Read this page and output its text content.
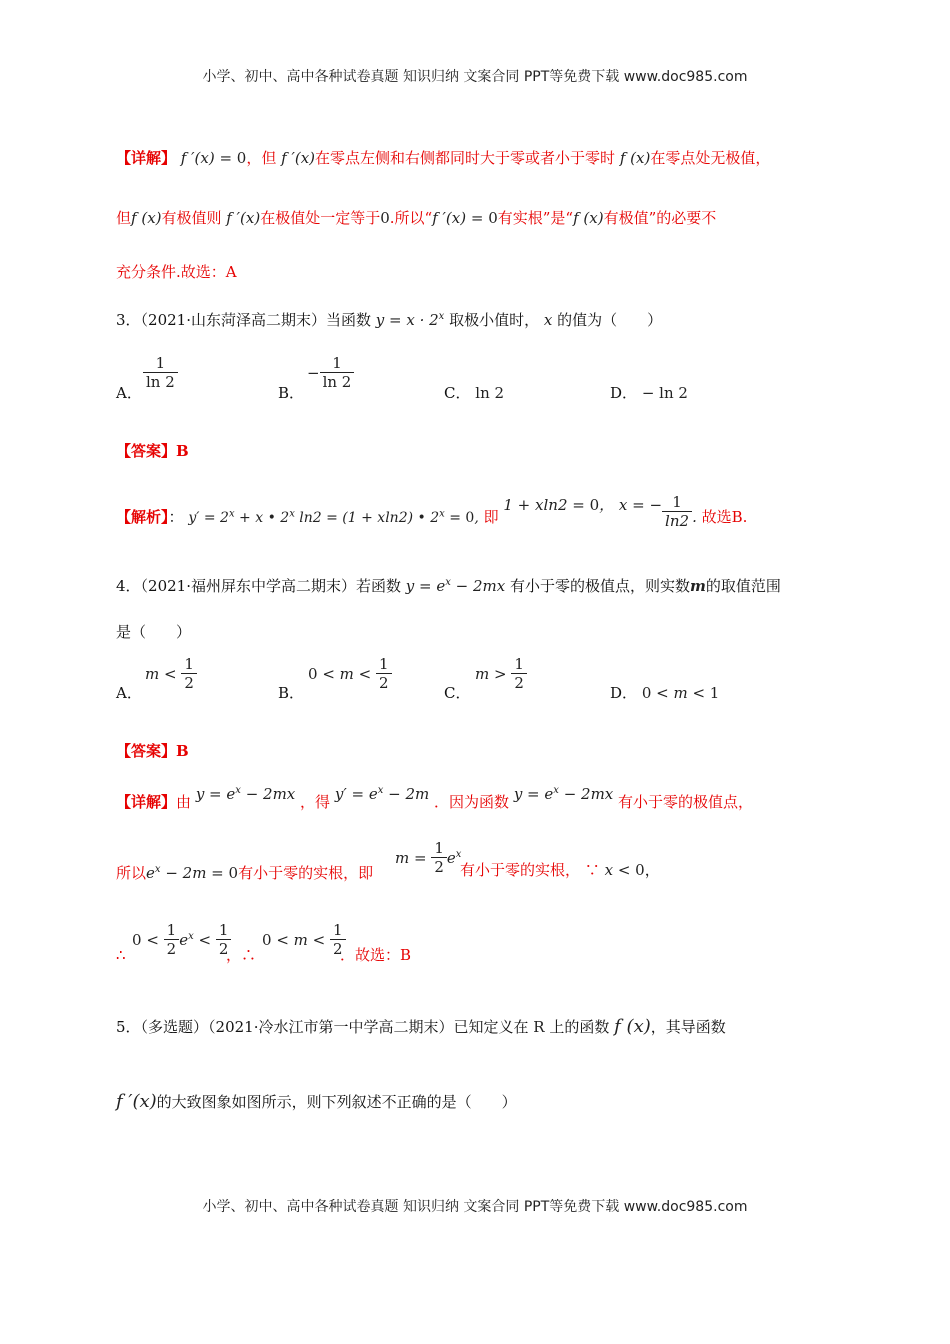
小学、初中、高中各种试卷真题 知识归纳 文案合同 PPT等免费下载 www.doc985.com
【详解】 f ′(x) = 0，但 f ′(x)在零点左侧和右侧都同时大于零或者小于零时 f (x)在零点处无极值，
但f (x)有极值则 f ′(x)在极值处一定等于0.所以“f ′(x) = 0有实根”是“f (x)有极值”的必要不
充分条件.故选：A
3．（2021·山东菏泽高二期末）当函数 $y = x \cdot 2^x$ 取极小值时， x 的值为（　　）
A．
$\frac{1}{\ln 2}$
B．
− $\frac{1}{\ln 2}$
C． ln 2	D． − ln 2
【答案】B
【解析】： $y' = 2^x + x$ • 2$^x$ ln2 = (1 + xln2) • $2^x = 0$, 即 1 + xln2 = 0， x = − $\frac{1}{\ln 2}$ . 故选B.
4．（2021·福州屏东中学高二期末）若函数 $y = e^x - 2mx$ 有小于零的极值点，则实数m的取值范围
是（　　）
A．
$m < \frac{1}{2}$
B．
$0 < m < \frac{1}{2}$
C．
$m > \frac{1}{2}$
D． 0 < m < 1
【答案】B
【详解】由 $y = e^x - 2mx$ ，得 $y' = e^x - 2m$ ．因为函数 $y = e^x - 2mx$ 有小于零的极值点，
所以$e^x - 2m = 0$有小于零的实根，即
$m = \frac{1}{2} e^x$
有小于零的实根， ∵ x < 0，
∴
$0 < \frac{1}{2} e^x < \frac{1}{2}$
，∴
$0 < m < \frac{1}{2}$
．故选：B
5．（多选题）（2021·冷水江市第一中学高二期末）已知定义在 R 上的函数 f (x)，其导函数
f ′(x)的大致图象如图所示，则下列叙述不正确的是（　　）
小学、初中、高中各种试卷真题 知识归纳 文案合同 PPT等免费下载 www.doc985.com
